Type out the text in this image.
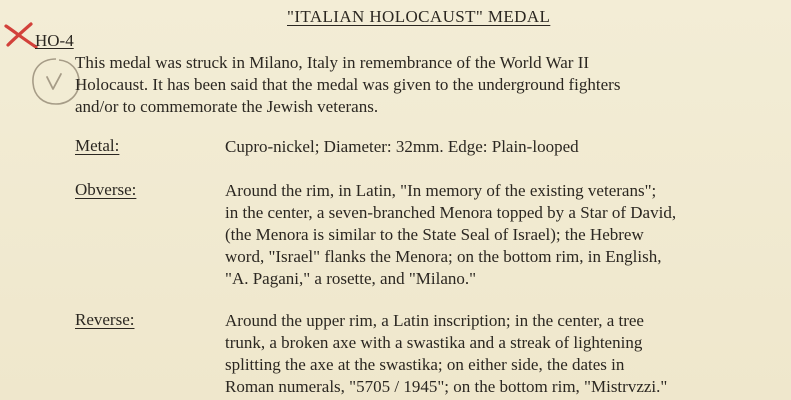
"ITALIAN HOLOCAUST" MEDAL
HO-4
This medal was struck in Milano, Italy in remembrance of the World War II
Holocaust. It has been said that the medal was given to the underground fighters
and/or to commemorate the Jewish veterans.
Metal:	Cupro-nickel; Diameter: 32mm. Edge: Plain-looped
Obverse:	Around the rim, in Latin, "In memory of the existing veterans";
in the center, a seven-branched Menora topped by a Star of David,
(the Menora is similar to the State Seal of Israel); the Hebrew
word, "Israel" flanks the Menora; on the bottom rim, in English,
"A. Pagani," a rosette, and "Milano."
Reverse:	Around the upper rim, a Latin inscription; in the center, a tree
trunk, a broken axe with a swastika and a streak of lightening
splitting the axe at the swastika; on either side, the dates in
Roman numerals, "5705 / 1945"; on the bottom rim, "Mistrvzzi."
